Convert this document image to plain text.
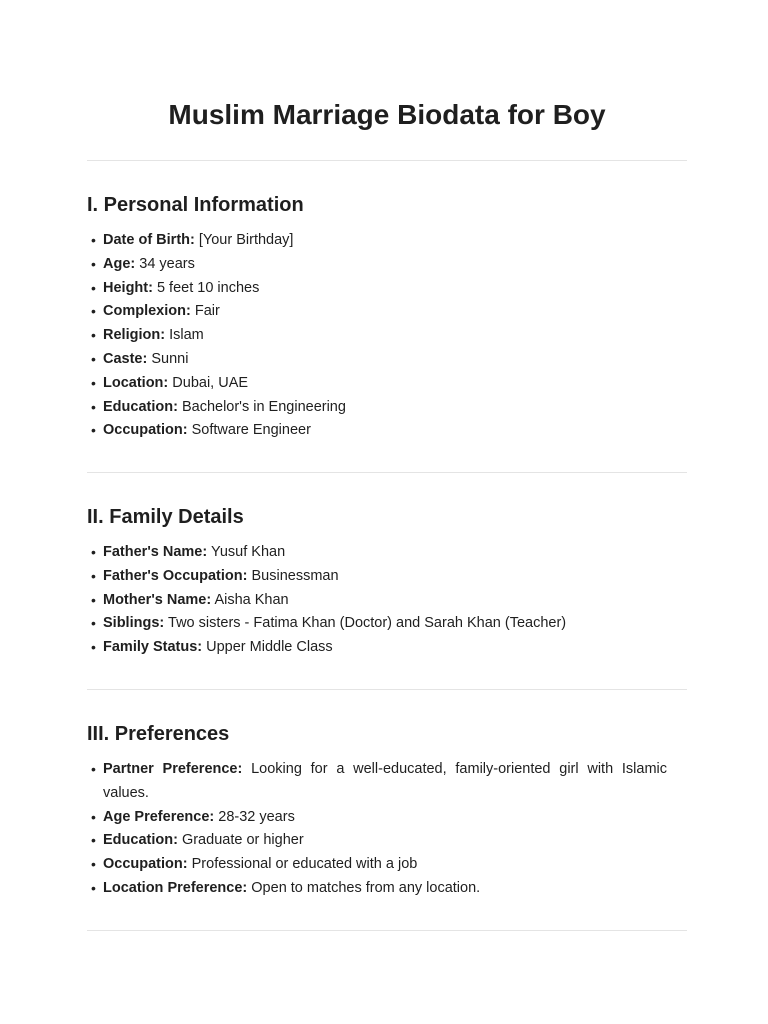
Muslim Marriage Biodata for Boy
I. Personal Information
• Date of Birth: [Your Birthday]
• Age: 34 years
• Height: 5 feet 10 inches
• Complexion: Fair
• Religion: Islam
• Caste: Sunni
• Location: Dubai, UAE
• Education: Bachelor's in Engineering
• Occupation: Software Engineer
II. Family Details
• Father's Name: Yusuf Khan
• Father's Occupation: Businessman
• Mother's Name: Aisha Khan
• Siblings: Two sisters - Fatima Khan (Doctor) and Sarah Khan (Teacher)
• Family Status: Upper Middle Class
III. Preferences
• Partner Preference: Looking for a well-educated, family-oriented girl with Islamic values.
• Age Preference: 28-32 years
• Education: Graduate or higher
• Occupation: Professional or educated with a job
• Location Preference: Open to matches from any location.
